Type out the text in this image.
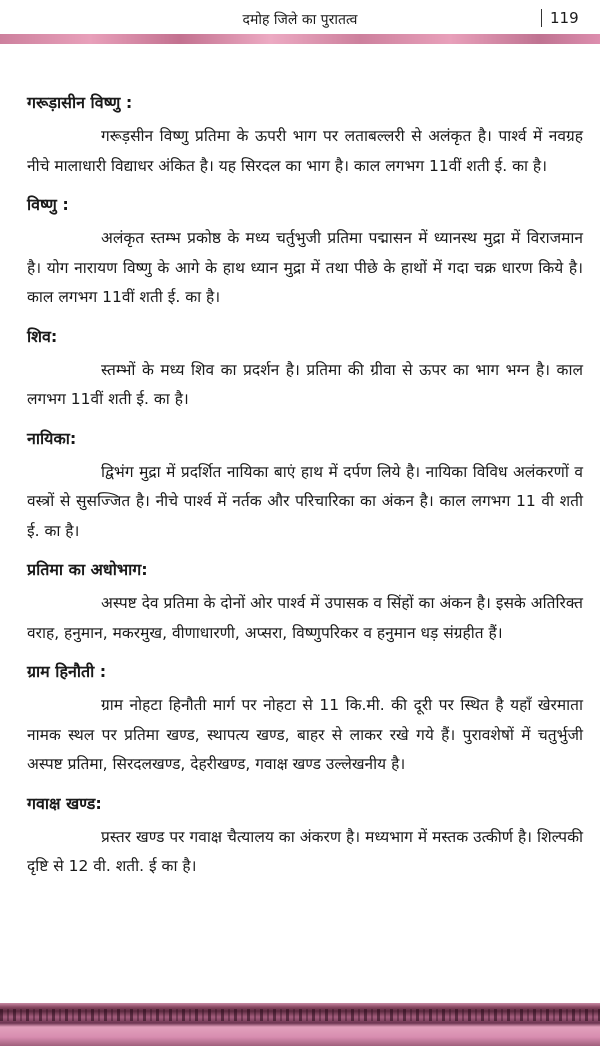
दमोह जिले का पुरातत्व	119
गरूड़ासीन विष्णु :

गरूड़सीन विष्णु प्रतिमा के ऊपरी भाग पर लताबल्लरी से अलंकृत है। पार्श्व में नवग्रह नीचे मालाधारी विद्याधर अंकित है। यह सिरदल का भाग है। काल लगभग 11वीं शती ई. का है।

विष्णु :

अलंकृत स्तम्भ प्रकोष्ठ के मध्य चर्तुभुजी प्रतिमा पद्मासन में ध्यानस्थ मुद्रा में विराजमान है। योग नारायण विष्णु के आगे के हाथ ध्यान मुद्रा में तथा पीछे के हाथों में गदा चक्र धारण किये है। काल लगभग 11वीं शती ई. का है।

शिव:

स्तम्भों के मध्य शिव का प्रदर्शन है। प्रतिमा की ग्रीवा से ऊपर का भाग भग्न है। काल लगभग 11वीं शती ई. का है।

नायिका:

द्विभंग मुद्रा में प्रदर्शित नायिका बाएं हाथ में दर्पण लिये है। नायिका विविध अलंकरणों व वस्त्रों से सुसज्जित है। नीचे पार्श्व में नर्तक और परिचारिका का अंकन है। काल लगभग 11 वी शती ई. का है।

प्रतिमा का अधोभाग:

अस्पष्ट देव प्रतिमा के दोनों ओर पार्श्व में उपासक व सिंहों का अंकन है। इसके अतिरिक्त वराह, हनुमान, मकरमुख, वीणाधारणी, अप्सरा, विष्णुपरिकर व हनुमान धड़ संग्रहीत हैं।

ग्राम हिनौती :

ग्राम नोहटा हिनौती मार्ग पर नोहटा से 11 कि.मी. की दूरी पर स्थित है यहाँ खेरमाता नामक स्थल पर प्रतिमा खण्ड, स्थापत्य खण्ड, बाहर से लाकर रखे गये हैं। पुरावशेषों में चतुर्भुजी अस्पष्ट प्रतिमा, सिरदलखण्ड, देहरीखण्ड, गवाक्ष खण्ड उल्लेखनीय है।

गवाक्ष खण्ड:

प्रस्तर खण्ड पर गवाक्ष चैत्यालय का अंकरण है। मध्यभाग में मस्तक उत्कीर्ण है। शिल्पकी दृष्टि से 12 वी. शती. ई का है।
